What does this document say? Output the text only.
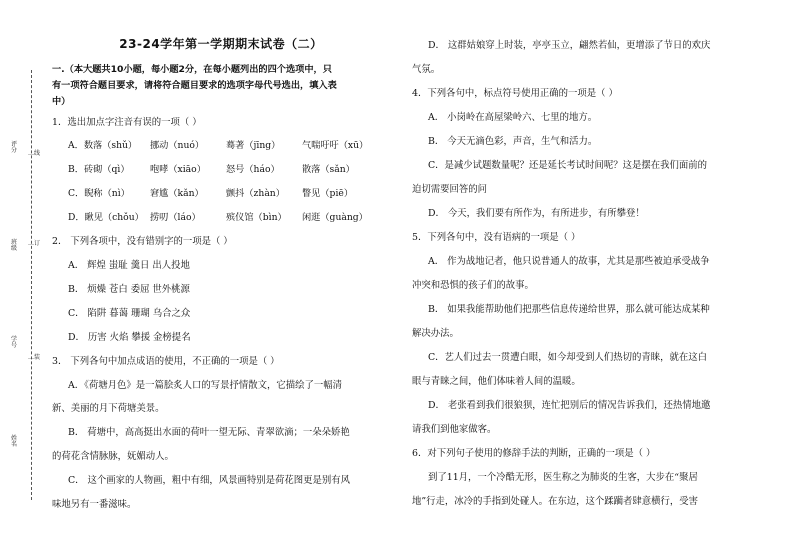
评分
班级
学号
姓名
…线
…订
…装
23-24学年第一学期期末试卷（二）
一.（本大题共10小题，每小题2分，在每小题列出的四个选项中，只
有一项符合题目要求，请将符合题目要求的选项字母代号选出，填入表
中）
1．选出加点字注音有误的一项（ ）
A．数落（shǔ） 挪动（nuó） 蓦著（jīng） 气喘吁吁（xū）
B．砖砌（qì） 咆哮（xiāo） 怒号（háo） 散落（sǎn）
C．睨称（nì） 窘尴（kǎn） 颤抖（zhàn） 瞥见（piē）
D．瞅见（chǒu） 捞叨（láo）	殡仪馆（bìn） 闲逛（guàng）
2． 下列各项中，没有错别字的一项是（ ）
A． 辉煌 蚩耻 羹日 出人投地
B． 烦燥 苍白 委屈 世外桃源
C． 陷阱 暮蔼 珊瑚 乌合之众
D． 历害 火焰 攀援 金榜提名
3． 下列各句中加点成语的使用，不正确的一项是（ ）
A．《荷塘月色》是一篇脍炙人口的写景抒情散文，它描绘了一幅清
新、美丽的月下荷塘美景。
B． 荷塘中，高高挺出水面的荷叶一望无际、青翠欲滴；一朵朵娇艳
的荷花含情脉脉，妩媚动人。
C． 这个画家的人物画，粗中有细，风景画特别是荷花图更是别有风
味地另有一番滋味。
D． 这群姑娘穿上时装，亭亭玉立，翩然若仙，更增添了节日的欢庆
气氛。
4．下列各句中，标点符号使用正确的一项是（ ）
A． 小岗岭在高屋梁岭六、七里的地方。
B． 今天无滴色彩，声音，生气和活力。
C．是减少试题数量呢？还是延长考试时间呢？这是摆在我们面前的
迫切需要回答的问
D． 今天，我们要有所作为，有所进步，有所攀登！
5．下列各句中，没有语病的一项是（ ）
A． 作为战地记者，他只说普通人的故事，尤其是那些被迫承受战争
冲突和恐惧的孩子们的故事。
B． 如果我能帮助他们把那些信息传递给世界，那么就可能达成某种
解决办法。
C．艺人们过去一贯遭白眼，如今却受到人们热切的青睐，就在这白
眼与青睐之间，他们体味着人间的温暖。
D． 老张看到我们很狼狈，连忙把别后的情况告诉我们，还热情地邀
请我们到他家做客。
6．对下列句子使用的修辞手法的判断，正确的一项是（ ）
到了11月，一个冷酷无形，医生称之为肺炎的生客，大步在“聚居
地”行走，冰冷的手指到处碰人。在东边，这个蹂躏者肆意横行，受害
